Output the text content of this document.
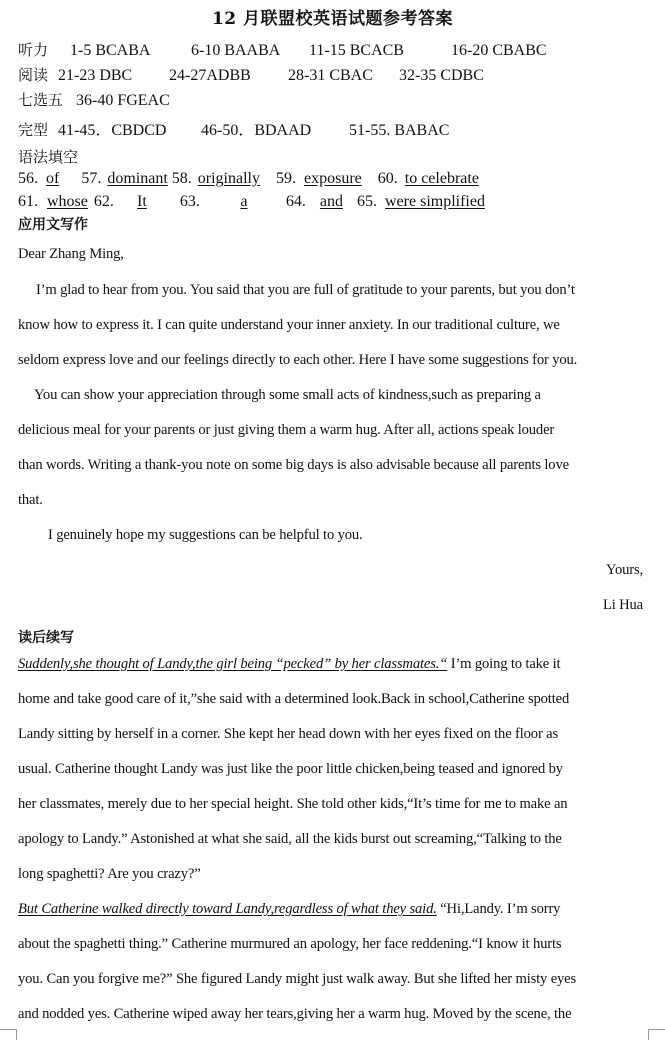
12 月联盟校英语试题参考答案
听力 1-5 BCABA	6-10 BAABA 11-15 BCACB	16-20 CBABC
阅读 21-23 DBC 24-27ADBB 28-31 CBAC 32-35 CDBC
七选五 36-40 FGEAC
完型 41-45．CBDCD 46-50．BDAAD 51-55. BABAC
语法填空
56. of 57. dominant 58. originally 59. exposure 60. to celebrate
61. whose 62. It 63.	a 64. and 65. were simplified
应用文写作
Dear Zhang Ming,
I’m glad to hear from you. You said that you are full of gratitude to your parents, but you don’t
know how to express it. I can quite understand your inner anxiety. In our traditional culture, we
seldom express love and our feelings directly to each other. Here I have some suggestions for you.
You can show your appreciation through some small acts of kindness,such as preparing a
delicious meal for your parents or just giving them a warm hug. After all, actions speak louder
than words. Writing a thank-you note on some big days is also advisable because all parents love
that.
I genuinely hope my suggestions can be helpful to you.
Yours,
Li Hua
读后续写
Suddenly,she thought of Landy,the girl being “pecked” by her classmates.“ I’m going to take it
home and take good care of it,”she said with a determined look.Back in school,Catherine spotted
Landy sitting by herself in a corner. She kept her head down with her eyes fixed on the floor as
usual. Catherine thought Landy was just like the poor little chicken,being teased and ignored by
her classmates, merely due to her special height. She told other kids,“It’s time for me to make an
apology to Landy.” Astonished at what she said, all the kids burst out screaming,“Talking to the
long spaghetti? Are you crazy?”
But Catherine walked directly toward Landy,regardless of what they said. “Hi,Landy. I’m sorry
about the spaghetti thing.” Catherine murmured an apology, her face reddening.“I know it hurts
you. Can you forgive me?” She figured Landy might just walk away. But she lifted her misty eyes
and nodded yes. Catherine wiped away her tears,giving her a warm hug. Moved by the scene, the
